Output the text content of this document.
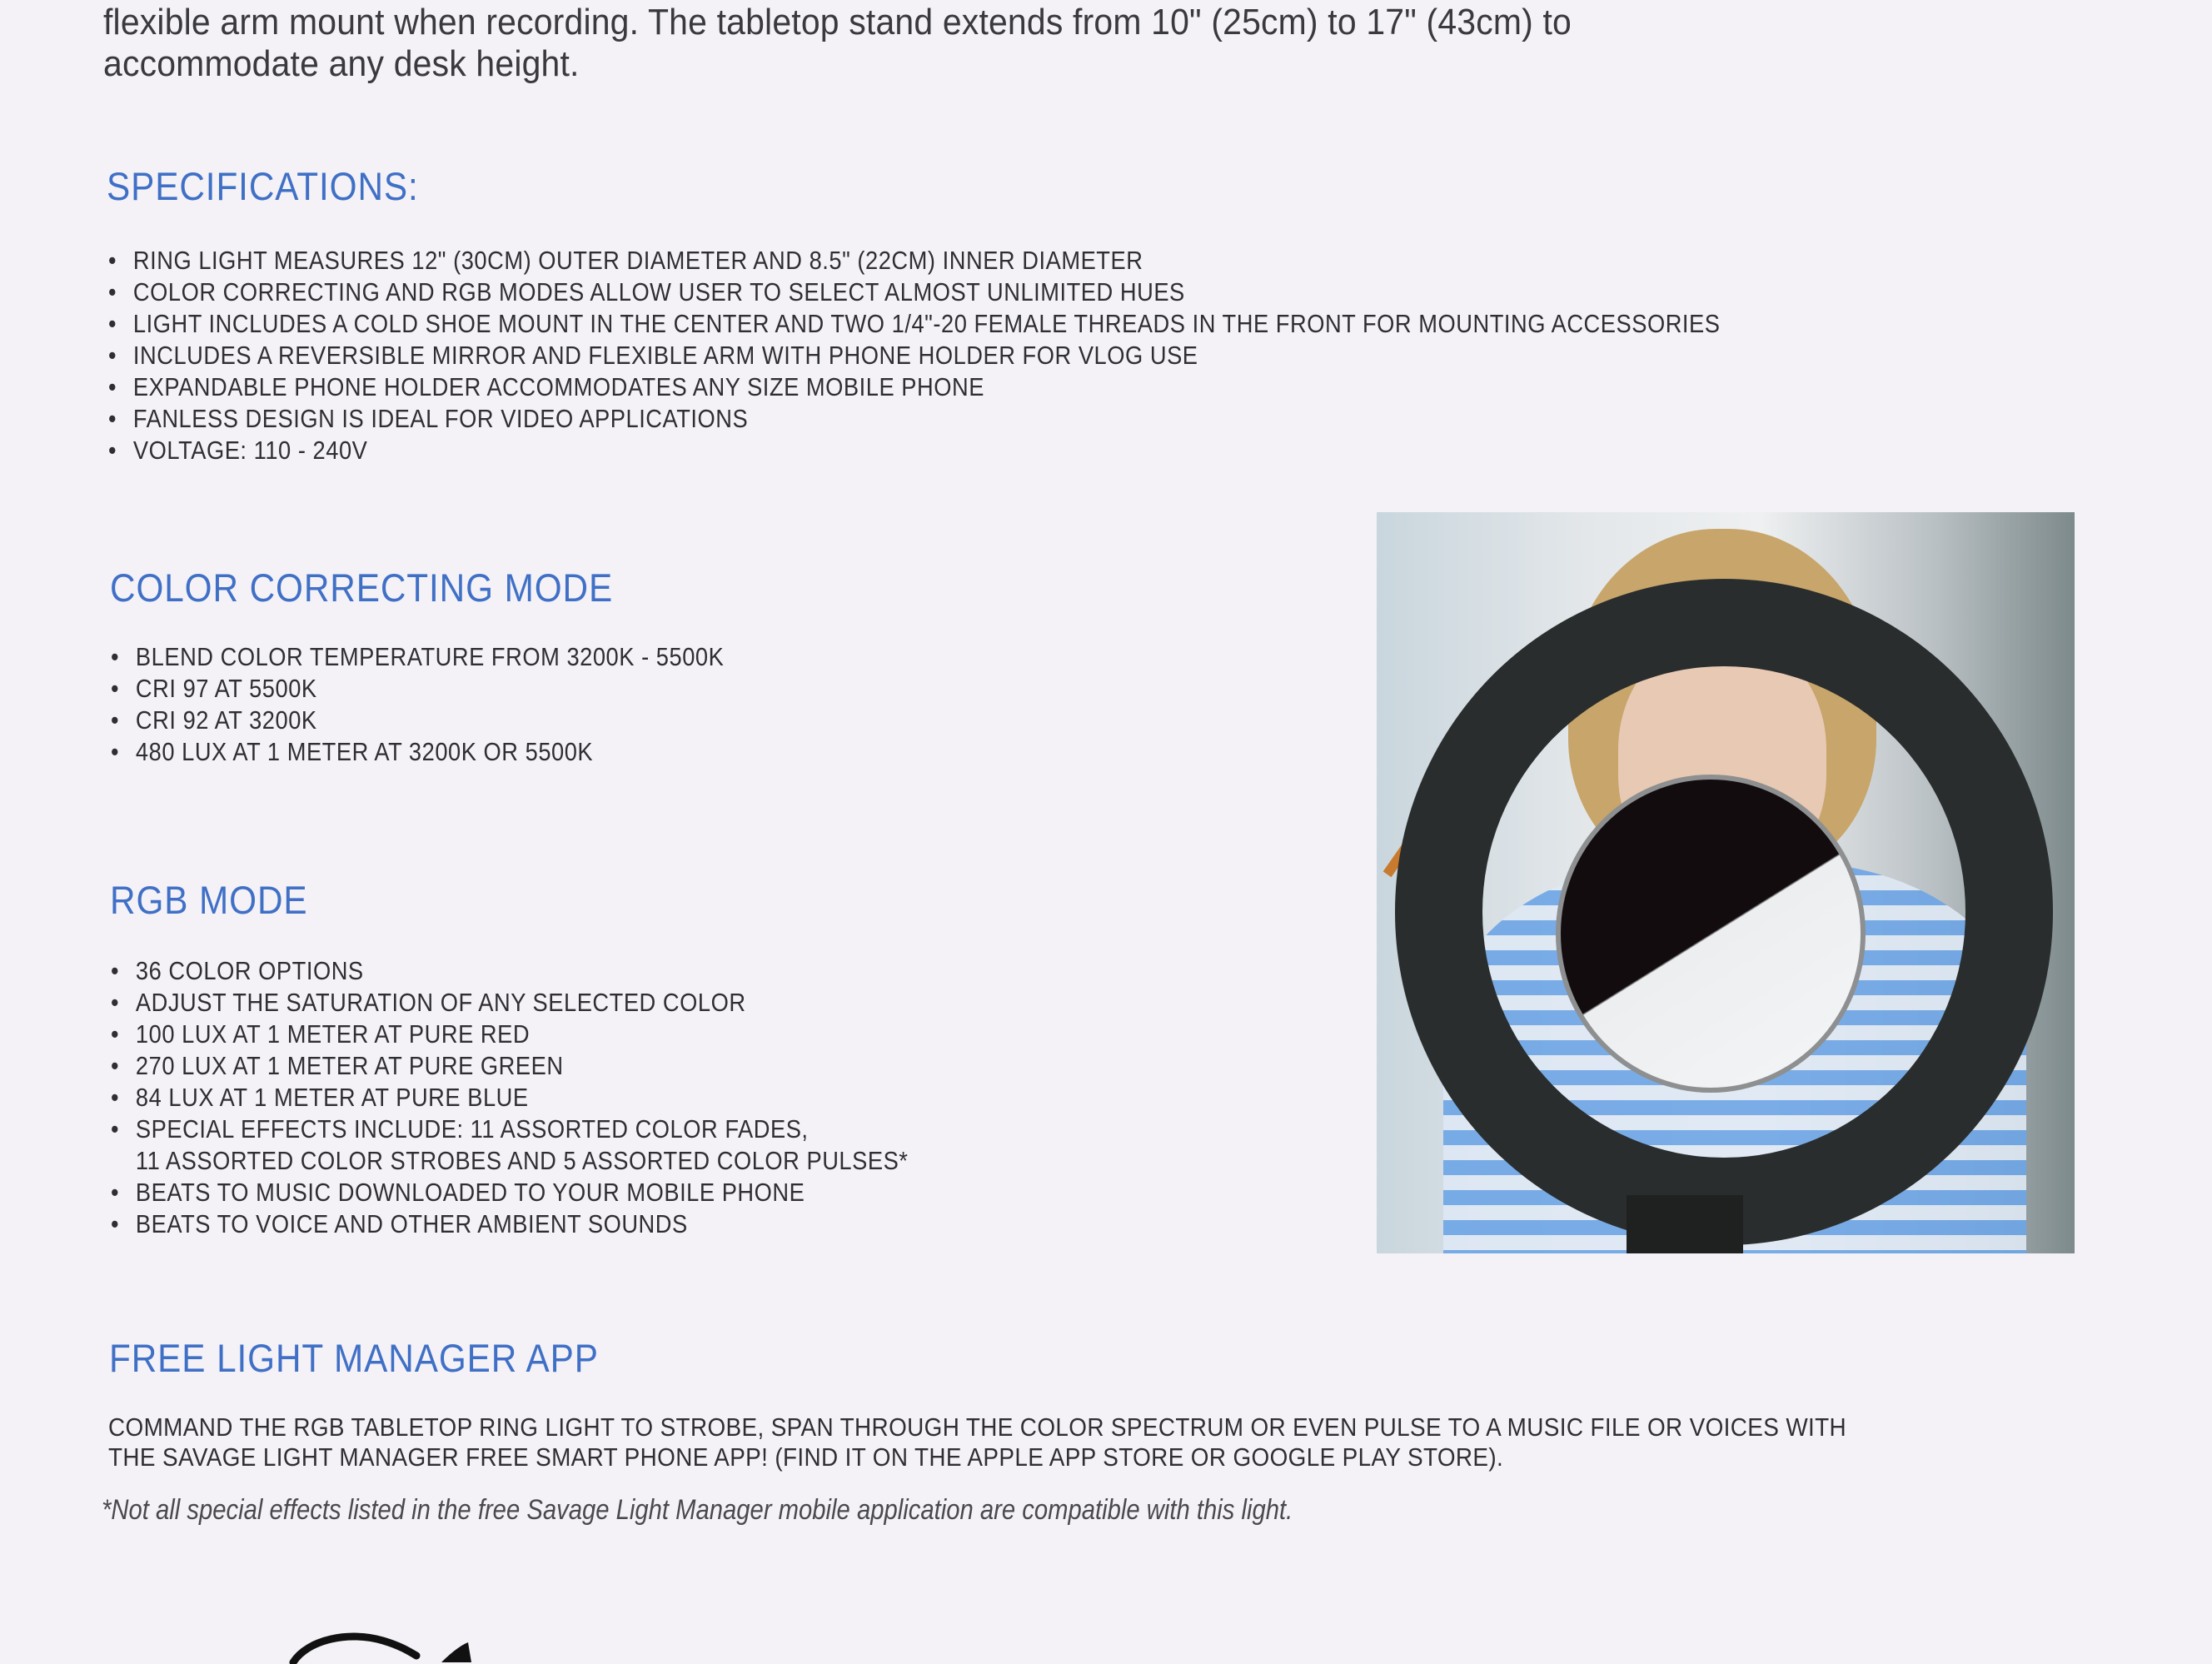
flexible arm mount when recording. The tabletop stand extends from 10" (25cm) to 17" (43cm) to
accommodate any desk height.
SPECIFICATIONS:
• RING LIGHT MEASURES 12" (30CM) OUTER DIAMETER AND 8.5" (22CM) INNER DIAMETER
• COLOR CORRECTING AND RGB MODES ALLOW USER TO SELECT ALMOST UNLIMITED HUES
• LIGHT INCLUDES A COLD SHOE MOUNT IN THE CENTER AND TWO 1/4"-20 FEMALE THREADS IN THE FRONT FOR MOUNTING ACCESSORIES
• INCLUDES A REVERSIBLE MIRROR AND FLEXIBLE ARM WITH PHONE HOLDER FOR VLOG USE
• EXPANDABLE PHONE HOLDER ACCOMMODATES ANY SIZE MOBILE PHONE
• FANLESS DESIGN IS IDEAL FOR VIDEO APPLICATIONS
• VOLTAGE: 110 - 240V
COLOR CORRECTING MODE
• BLEND COLOR TEMPERATURE FROM 3200K - 5500K
• CRI 97 AT 5500K
• CRI 92 AT 3200K
• 480 LUX AT 1 METER AT 3200K OR 5500K
RGB MODE
• 36 COLOR OPTIONS
• ADJUST THE SATURATION OF ANY SELECTED COLOR
• 100 LUX AT 1 METER AT PURE RED
• 270 LUX AT 1 METER AT PURE GREEN
• 84 LUX AT 1 METER AT PURE BLUE
• SPECIAL EFFECTS INCLUDE: 11 ASSORTED COLOR FADES,
11 ASSORTED COLOR STROBES AND 5 ASSORTED COLOR PULSES*
• BEATS TO MUSIC DOWNLOADED TO YOUR MOBILE PHONE
• BEATS TO VOICE AND OTHER AMBIENT SOUNDS
FREE LIGHT MANAGER APP
COMMAND THE RGB TABLETOP RING LIGHT TO STROBE, SPAN THROUGH THE COLOR SPECTRUM OR EVEN PULSE TO A MUSIC FILE OR VOICES WITH
THE SAVAGE LIGHT MANAGER FREE SMART PHONE APP! (FIND IT ON THE APPLE APP STORE OR GOOGLE PLAY STORE).
*Not all special effects listed in the free Savage Light Manager mobile application are compatible with this light.
